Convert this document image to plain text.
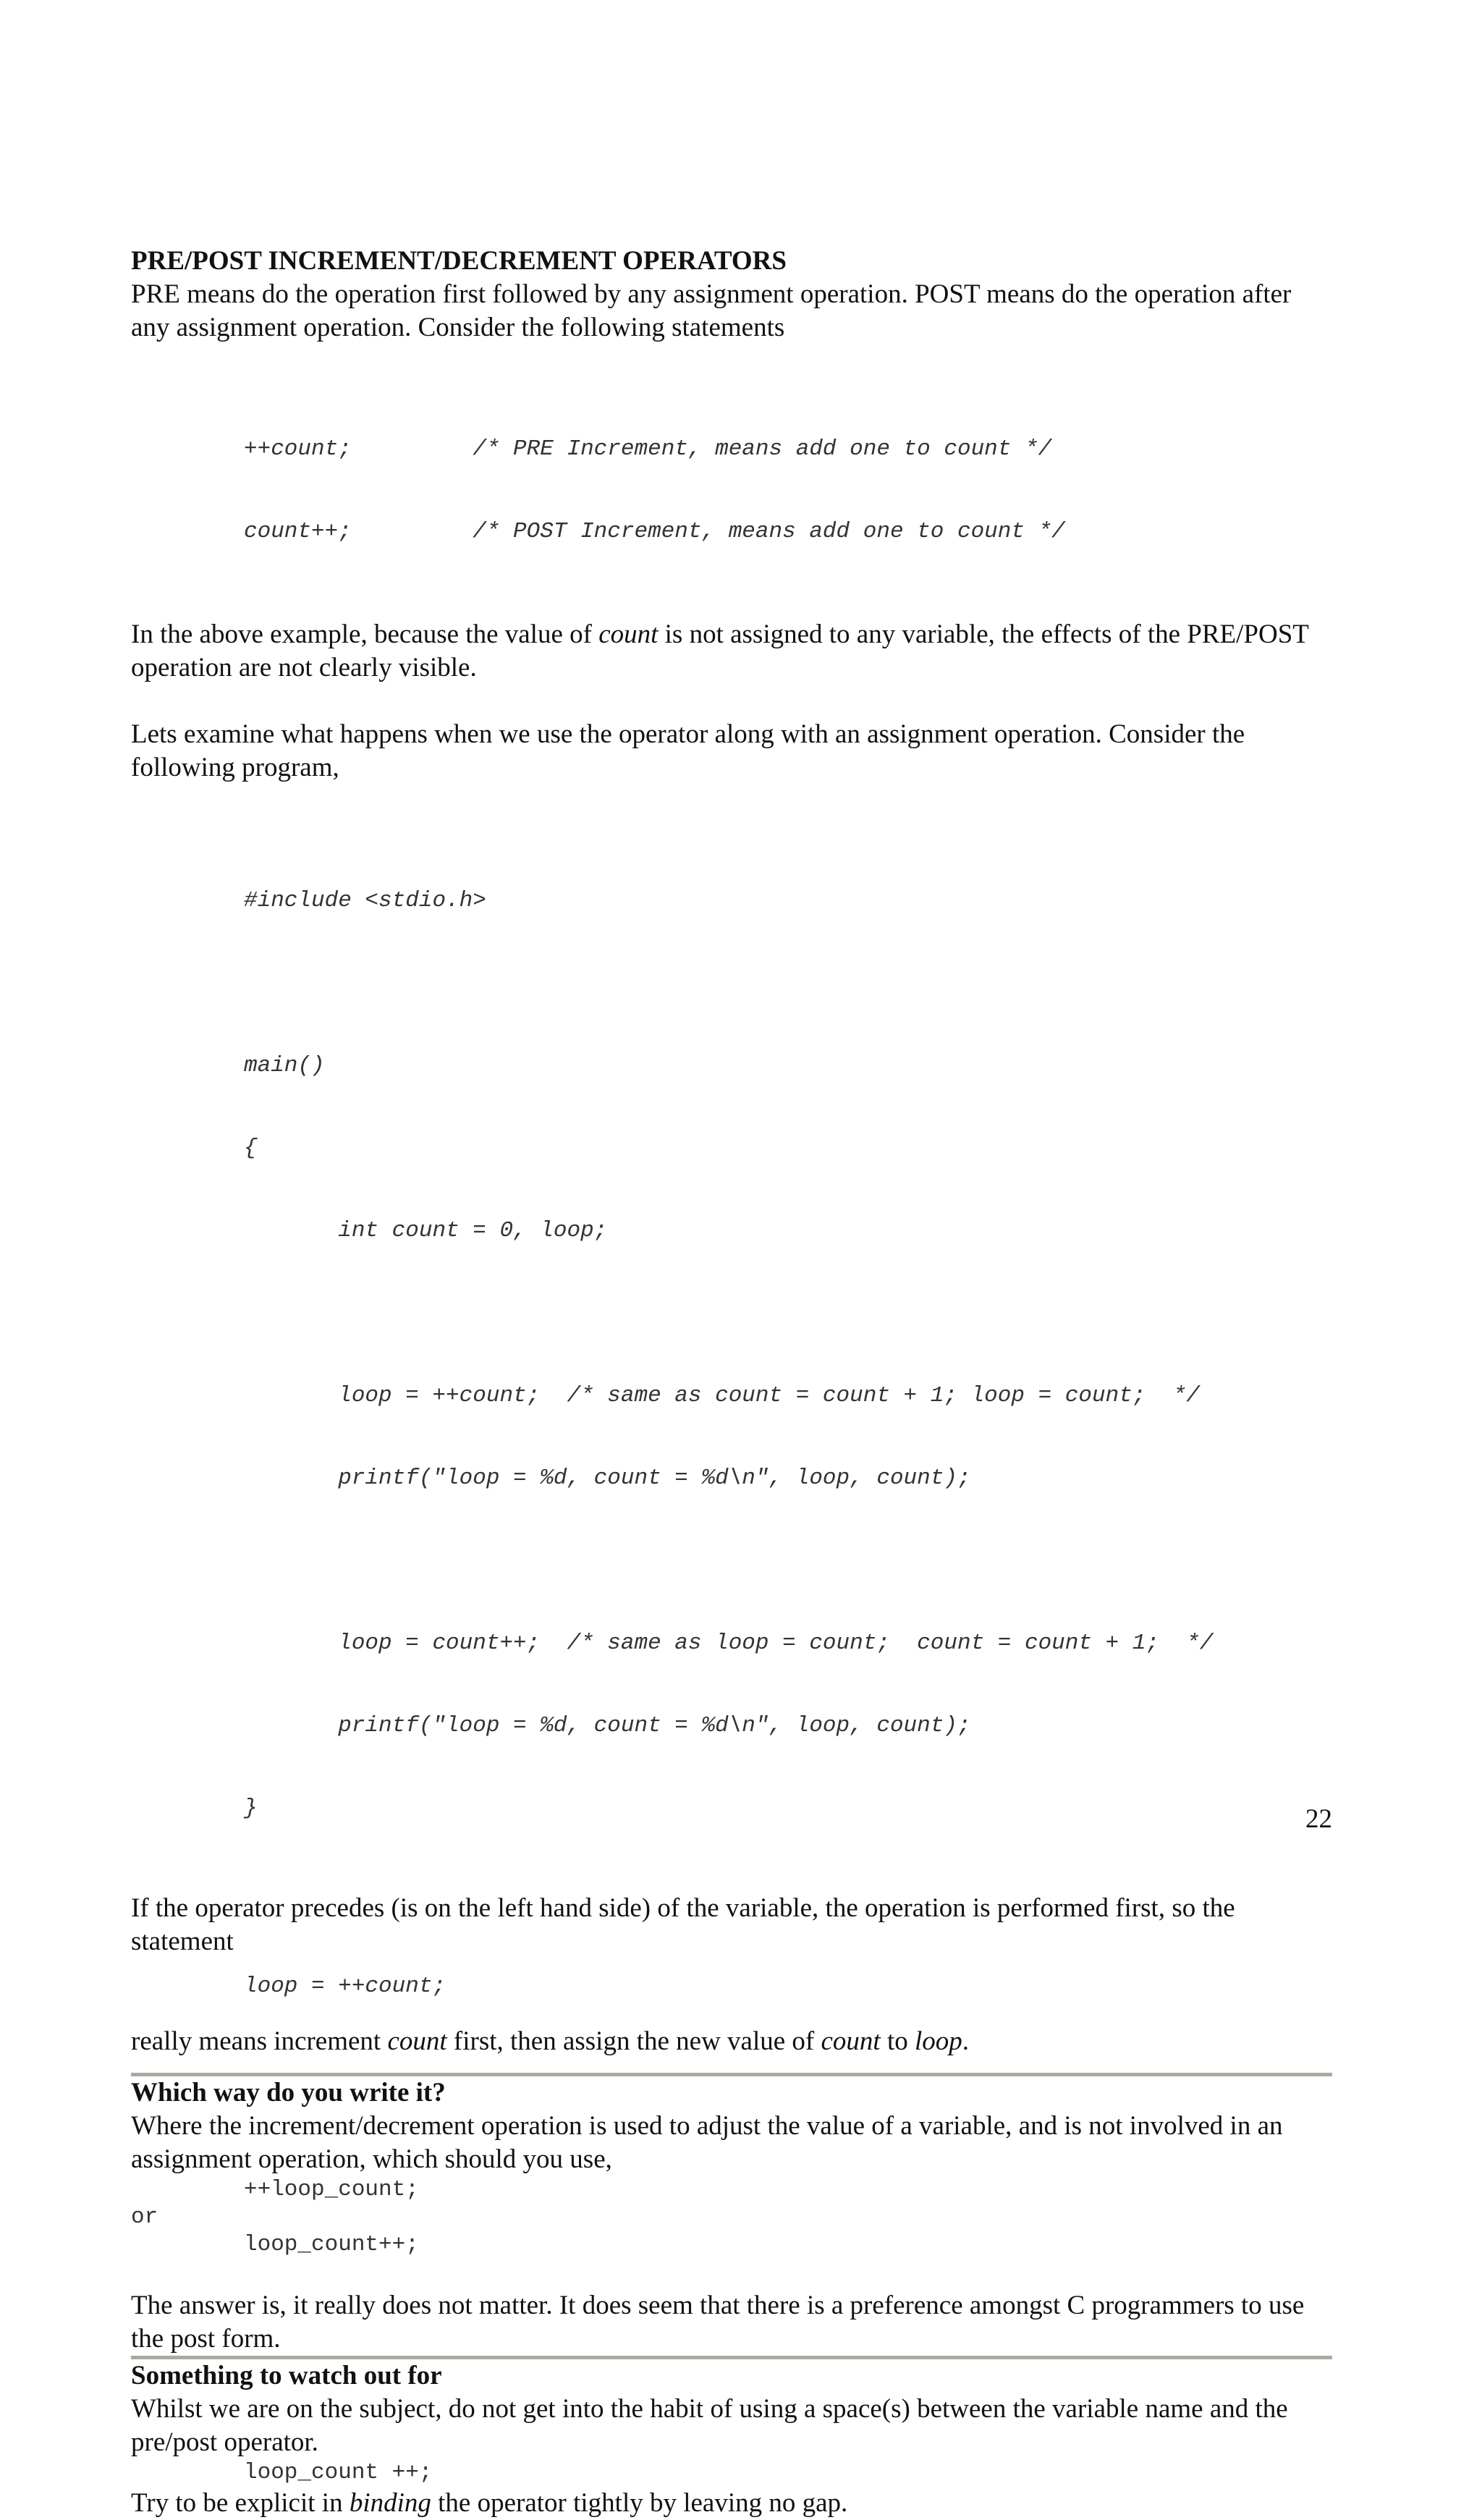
PRE/POST INCREMENT/DECREMENT OPERATORS

PRE means do the operation first followed by any assignment operation. POST means do the operation after any assignment operation. Consider the following statements

++count;         /* PRE Increment, means add one to count */

count++;         /* POST Increment, means add one to count */

In the above example, because the value of count is not assigned to any variable, the effects of the PRE/POST operation are not clearly visible.

Lets examine what happens when we use the operator along with an assignment operation. Consider the following program,

#include <stdio.h>

main()

{

int count = 0, loop;

loop = ++count;  /* same as count = count + 1; loop = count;  */

printf("loop = %d, count = %d\n", loop, count);

loop = count++;  /* same as loop = count;  count = count + 1;  */

printf("loop = %d, count = %d\n", loop, count);

}

If the operator precedes (is on the left hand side) of the variable, the operation is performed first, so the statement

loop = ++count;

really means increment count first, then assign the new value of count to loop.

Which way do you write it?

Where the increment/decrement operation is used to adjust the value of a variable, and is not involved in an assignment operation, which should you use,

++loop_count;
or
loop_count++;

The answer is, it really does not matter. It does seem that there is a preference amongst C programmers to use the post form.

Something to watch out for

Whilst we are on the subject, do not get into the habit of using a space(s) between the variable name and the pre/post operator.

loop_count ++;

Try to be explicit in binding the operator tightly by leaving no gap.

22
